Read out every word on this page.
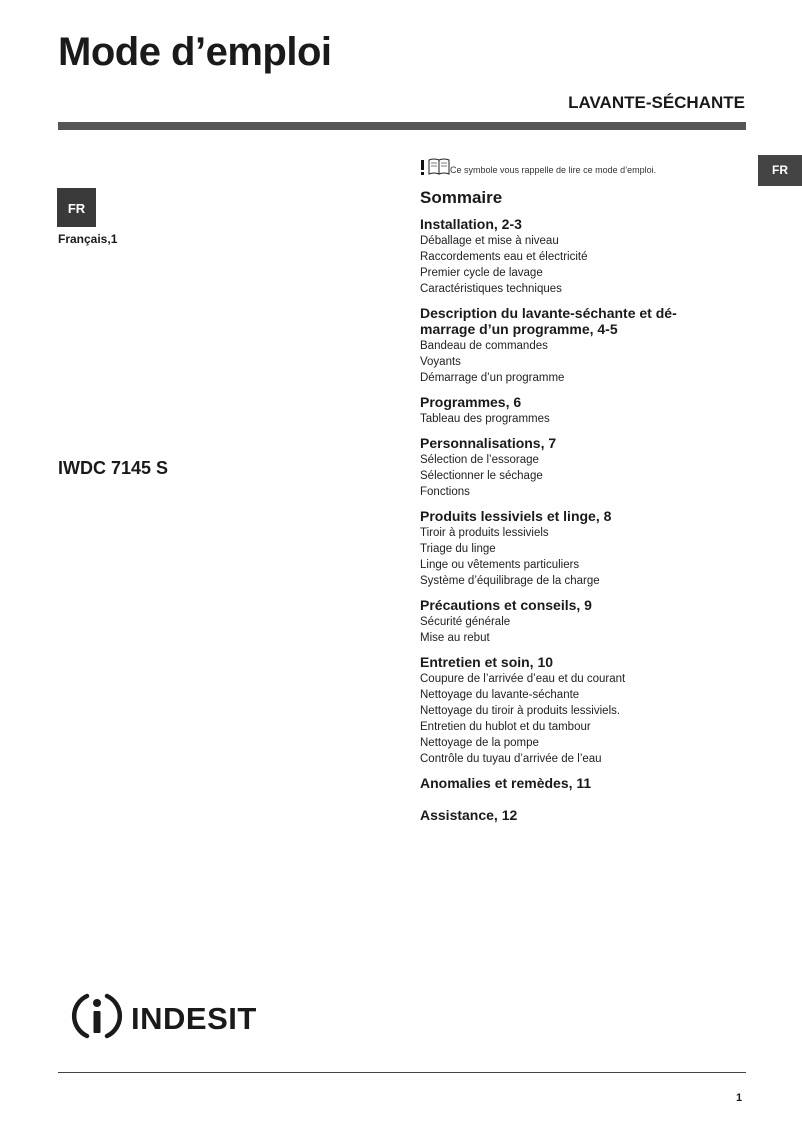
Mode d’emploi
LAVANTE-SÉCHANTE
FR
FR
Français,1
IWDC 7145 S
Ce symbole vous rappelle de lire ce mode d’emploi.
Sommaire

Installation, 2-3

Déballage et mise à niveau
Raccordements eau et électricité
Premier cycle de lavage
Caractéristiques techniques

Description du lavante-séchante et dé-
marrage d’un programme, 4-5

Bandeau de commandes
Voyants
Démarrage d’un programme

Programmes, 6

Tableau des programmes

Personnalisations, 7

Sélection de l’essorage
Sélectionner le séchage
Fonctions

Produits lessiviels et linge, 8

Tiroir à produits lessiviels
Triage du linge
Linge ou vêtements particuliers
Système d’équilibrage de la charge

Précautions et conseils, 9

Sécurité générale
Mise au rebut

Entretien et soin, 10

Coupure de l’arrivée d’eau et du courant
Nettoyage du lavante-séchante
Nettoyage du tiroir à produits lessiviels.
Entretien du hublot et du tambour
Nettoyage de la pompe
Contrôle du tuyau d’arrivée de l’eau

Anomalies et remèdes, 11

Assistance, 12

INDESIT
1
